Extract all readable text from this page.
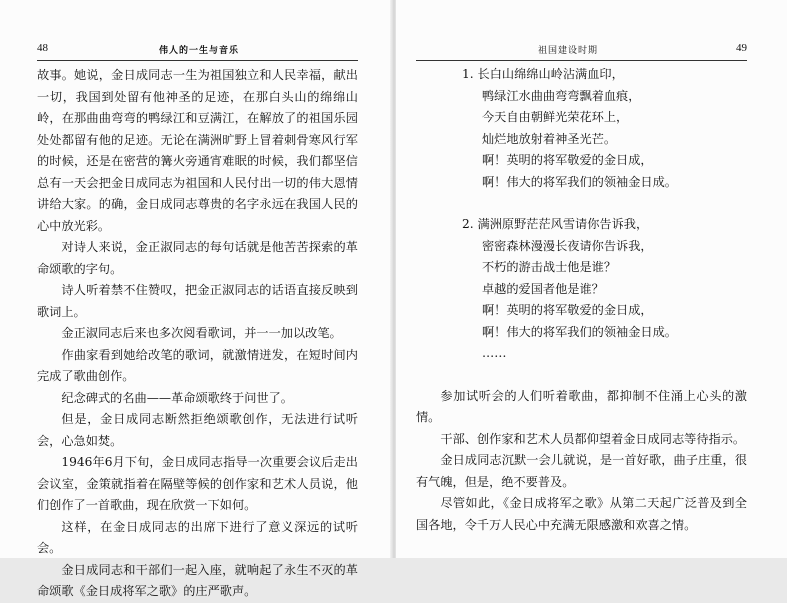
48	伟人的一生与音乐

故事。她说，金日成同志一生为祖国独立和人民幸福，献出一切，我国到处留有他神圣的足迹，在那白头山的绵绵山岭，在那曲曲弯弯的鸭绿江和豆满江，在解放了的祖国乐园处处都留有他的足迹。无论在满洲旷野上冒着刺骨寒风行军的时候，还是在密营的篝火旁通宵难眠的时候，我们都坚信总有一天会把金日成同志为祖国和人民付出一切的伟大恩情讲给大家。的确，金日成同志尊贵的名字永远在我国人民的心中放光彩。

对诗人来说，金正淑同志的每句话就是他苦苦探索的革命颂歌的字句。

诗人听着禁不住赞叹，把金正淑同志的话语直接反映到歌词上。

金正淑同志后来也多次阅看歌词，并一一加以改笔。

作曲家看到她给改笔的歌词，就激情迸发，在短时间内完成了歌曲创作。

纪念碑式的名曲——革命颂歌终于问世了。

但是，金日成同志断然拒绝颂歌创作，无法进行试听会，心急如焚。

1946年6月下旬，金日成同志指导一次重要会议后走出会议室，金策就指着在隔壁等候的创作家和艺术人员说，他们创作了一首歌曲，现在欣赏一下如何。

这样，在金日成同志的出席下进行了意义深远的试听会。

金日成同志和干部们一起入座，就响起了永生不灭的革命颂歌《金日成将军之歌》的庄严歌声。

祖国建设时期	49
1. 长白山绵绵山岭沾满血印，
鸭绿江水曲曲弯弯飘着血痕，
今天自由朝鲜光荣花环上，
灿烂地放射着神圣光芒。
啊！英明的将军敬爱的金日成，
啊！伟大的将军我们的领袖金日成。
2. 满洲原野茫茫风雪请你告诉我，
密密森林漫漫长夜请你告诉我，
不朽的游击战士他是谁？
卓越的爱国者他是谁？
啊！英明的将军敬爱的金日成，
啊！伟大的将军我们的领袖金日成。
……

参加试听会的人们听着歌曲，都抑制不住涌上心头的激情。

干部、创作家和艺术人员都仰望着金日成同志等待指示。

金日成同志沉默一会儿就说，是一首好歌，曲子庄重，很有气魄，但是，绝不要普及。

尽管如此，《金日成将军之歌》从第二天起广泛普及到全国各地，令千万人民心中充满无限感激和欢喜之情。
